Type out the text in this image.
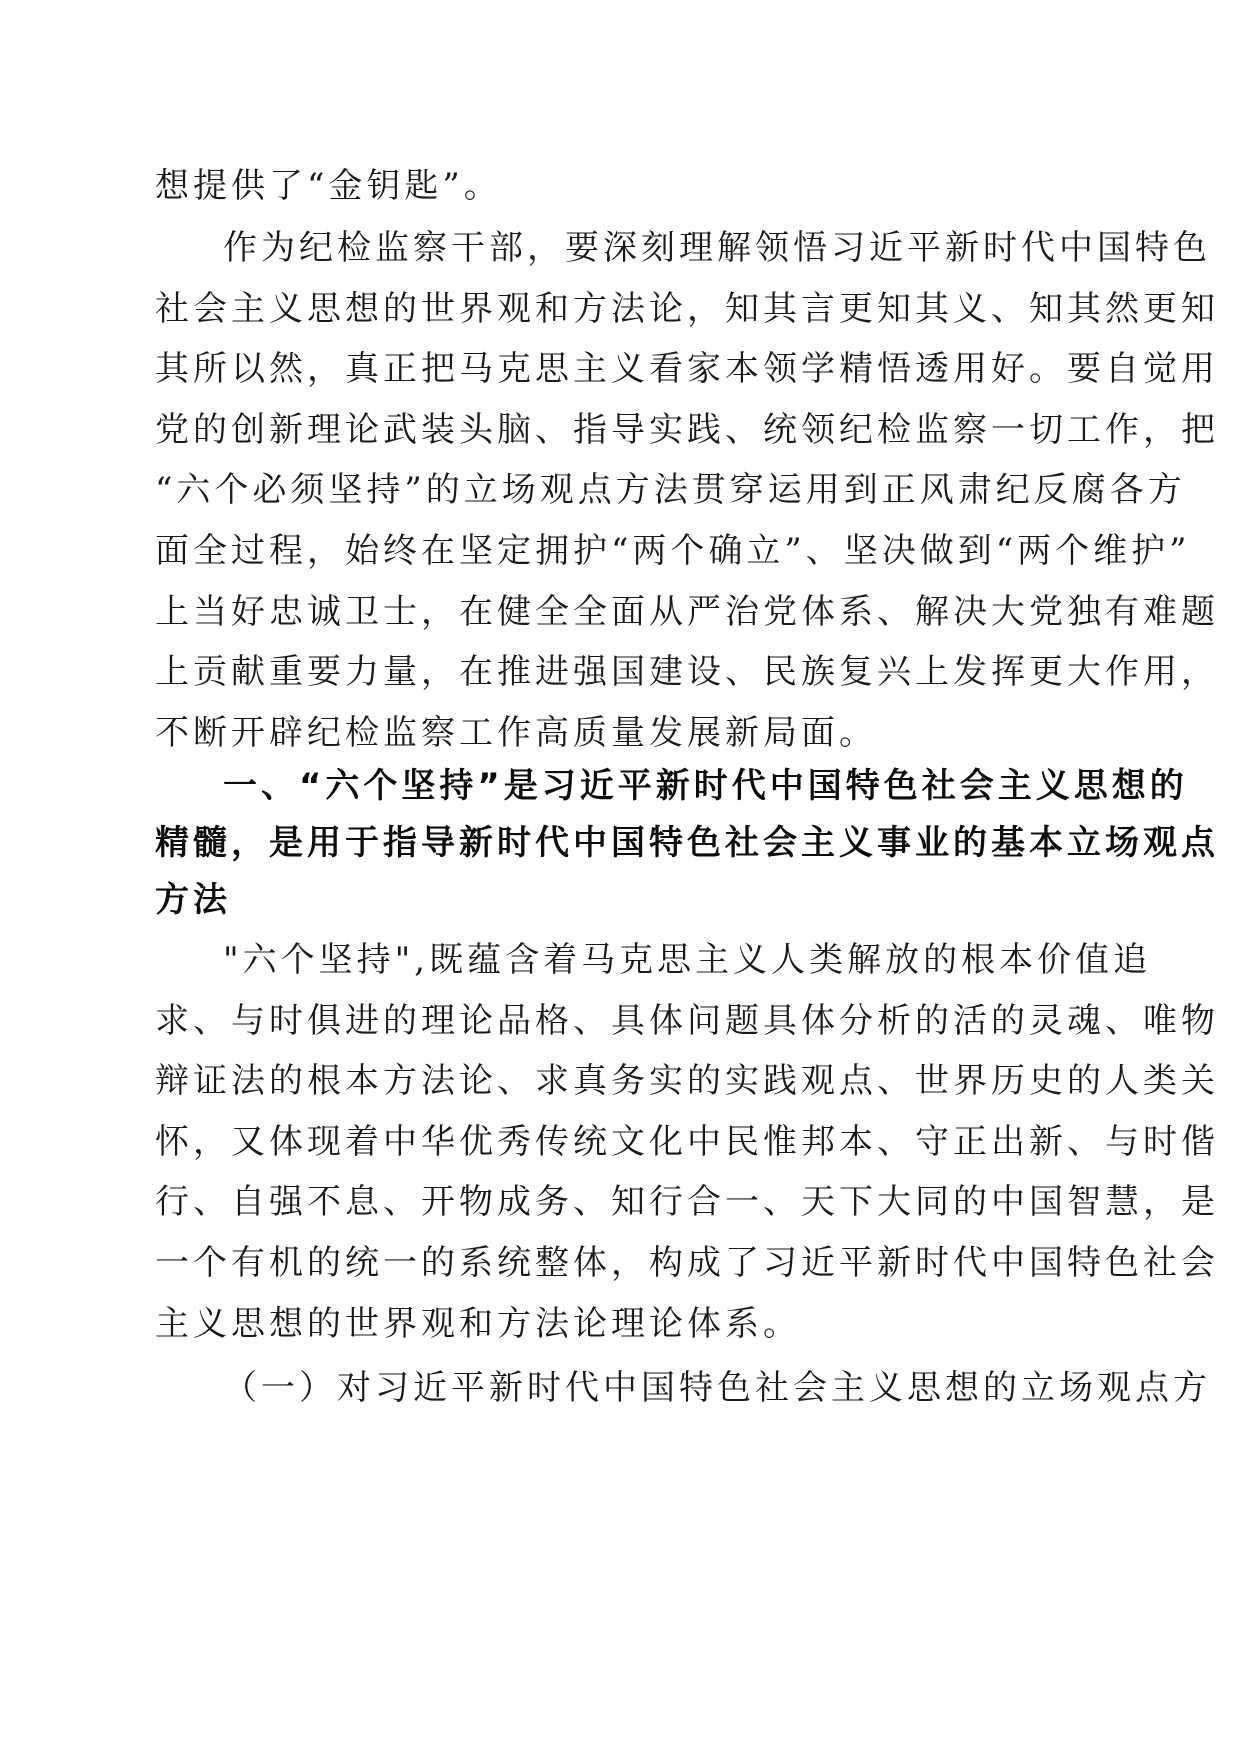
想提供了“金钥匙”。
作为纪检监察干部，要深刻理解领悟习近平新时代中国特色
社会主义思想的世界观和方法论，知其言更知其义、知其然更知
其所以然，真正把马克思主义看家本领学精悟透用好。要自觉用
党的创新理论武装头脑、指导实践、统领纪检监察一切工作，把
“六个必须坚持”的立场观点方法贯穿运用到正风肃纪反腐各方
面全过程，始终在坚定拥护“两个确立”、坚决做到“两个维护”
上当好忠诚卫士，在健全全面从严治党体系、解决大党独有难题
上贡献重要力量，在推进强国建设、民族复兴上发挥更大作用，
不断开辟纪检监察工作高质量发展新局面。
一、“六个坚持”是习近平新时代中国特色社会主义思想的
精髓，是用于指导新时代中国特色社会主义事业的基本立场观点
方法
"六个坚持",既蕴含着马克思主义人类解放的根本价值追
求、与时俱进的理论品格、具体问题具体分析的活的灵魂、唯物
辩证法的根本方法论、求真务实的实践观点、世界历史的人类关
怀，又体现着中华优秀传统文化中民惟邦本、守正出新、与时偕
行、自强不息、开物成务、知行合一、天下大同的中国智慧，是
一个有机的统一的系统整体，构成了习近平新时代中国特色社会
主义思想的世界观和方法论理论体系。
（一）对习近平新时代中国特色社会主义思想的立场观点方
